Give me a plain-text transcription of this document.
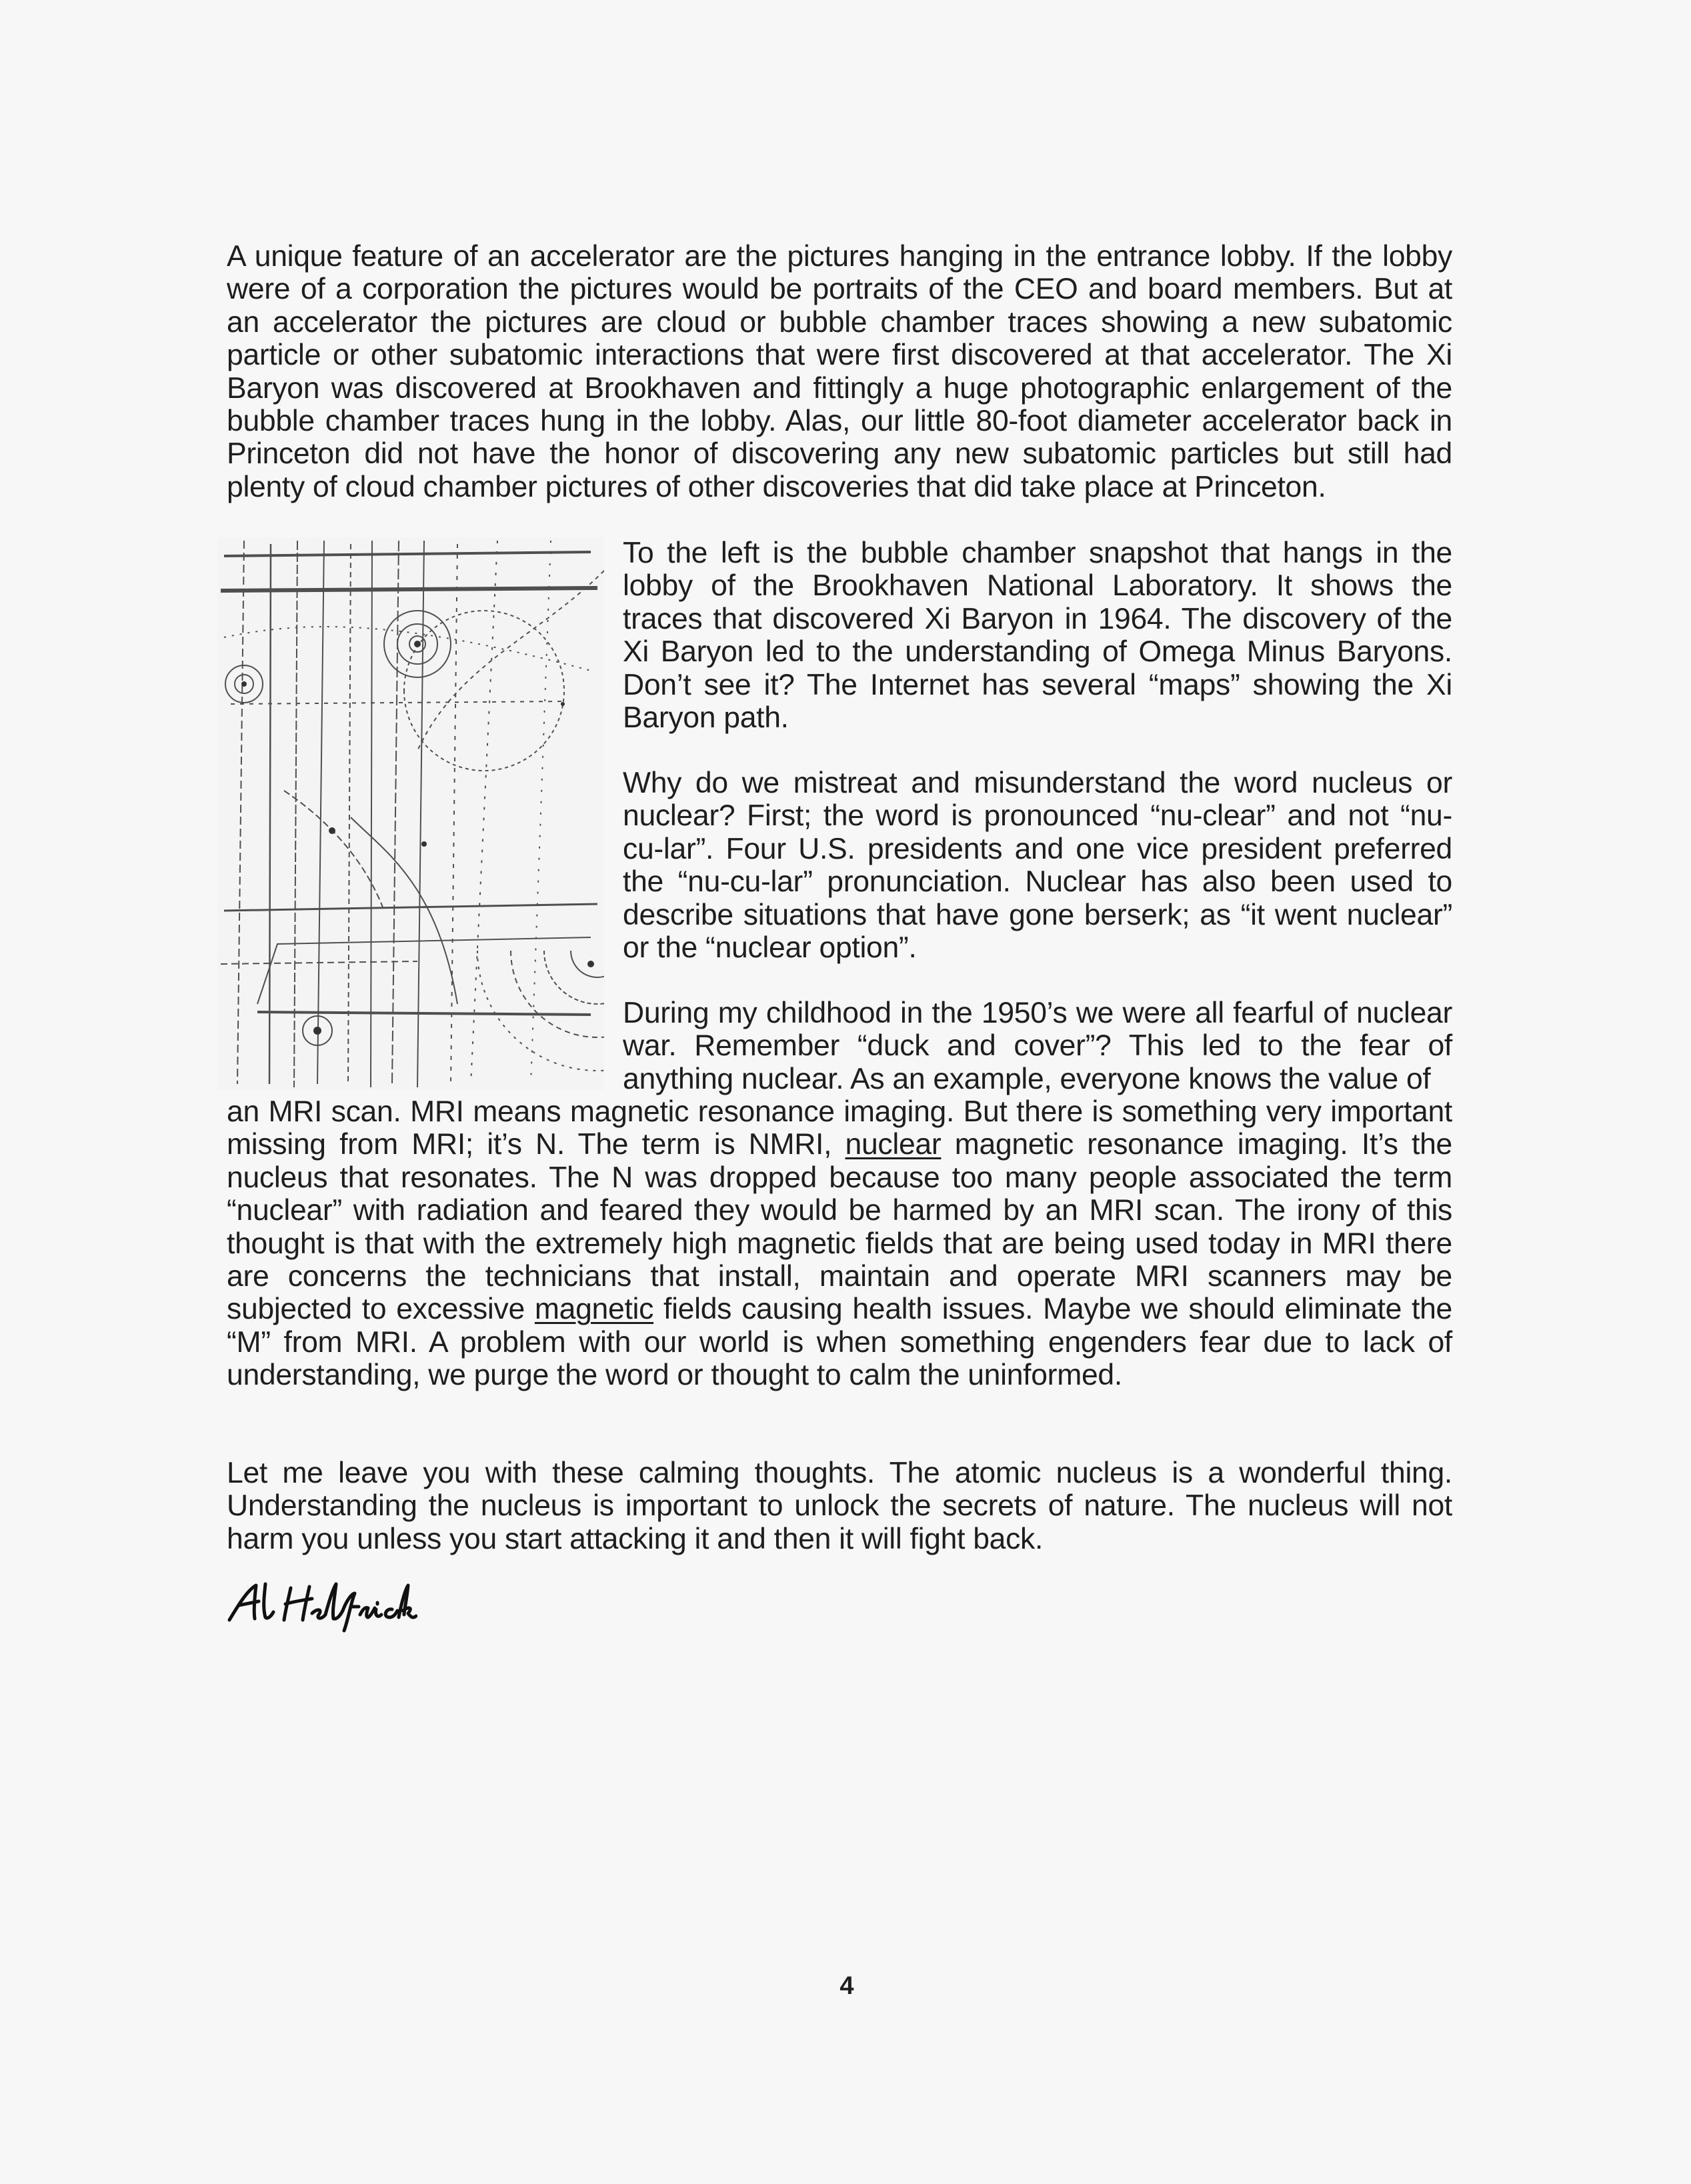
A unique feature of an accelerator are the pictures hanging in the entrance lobby. If the lobby were of a corporation the pictures would be portraits of the CEO and board members. But at an accelerator the pictures are cloud or bubble chamber traces showing a new subatomic particle or other subatomic interactions that were first discovered at that accelerator. The Xi Baryon was discovered at Brookhaven and fittingly a huge photographic enlargement of the bubble chamber traces hung in the lobby. Alas, our little 80-foot diameter accelerator back in Princeton did not have the honor of discovering any new subatomic particles but still had plenty of cloud chamber pictures of other discoveries that did take place at Princeton.

To the left is the bubble chamber snapshot that hangs in the lobby of the Brookhaven National Laboratory. It shows the traces that discovered Xi Baryon in 1964. The discovery of the Xi Baryon led to the understanding of Omega Minus Baryons. Don’t see it? The Internet has several “maps” showing the Xi Baryon path.

Why do we mistreat and misunderstand the word nucleus or nuclear? First; the word is pronounced “nu-clear” and not “nu-cu-lar”. Four U.S. presidents and one vice president preferred the “nu-cu-lar” pronunciation. Nuclear has also been used to describe situations that have gone berserk; as “it went nuclear” or the “nuclear option”.

During my childhood in the 1950’s we were all fearful of nuclear war. Remember “duck and cover”? This led to the fear of anything nuclear. As an example, everyone knows the value of

an MRI scan. MRI means magnetic resonance imaging. But there is something very important missing from MRI; it’s N. The term is NMRI, nuclear magnetic resonance imaging. It’s the nucleus that resonates. The N was dropped because too many people associated the term “nuclear” with radiation and feared they would be harmed by an MRI scan. The irony of this thought is that with the extremely high magnetic fields that are being used today in MRI there are concerns the technicians that install, maintain and operate MRI scanners may be subjected to excessive magnetic fields causing health issues. Maybe we should eliminate the “M” from MRI. A problem with our world is when something engenders fear due to lack of understanding, we purge the word or thought to calm the uninformed.

Let me leave you with these calming thoughts. The atomic nucleus is a wonderful thing. Understanding the nucleus is important to unlock the secrets of nature. The nucleus will not harm you unless you start attacking it and then it will fight back.

4
